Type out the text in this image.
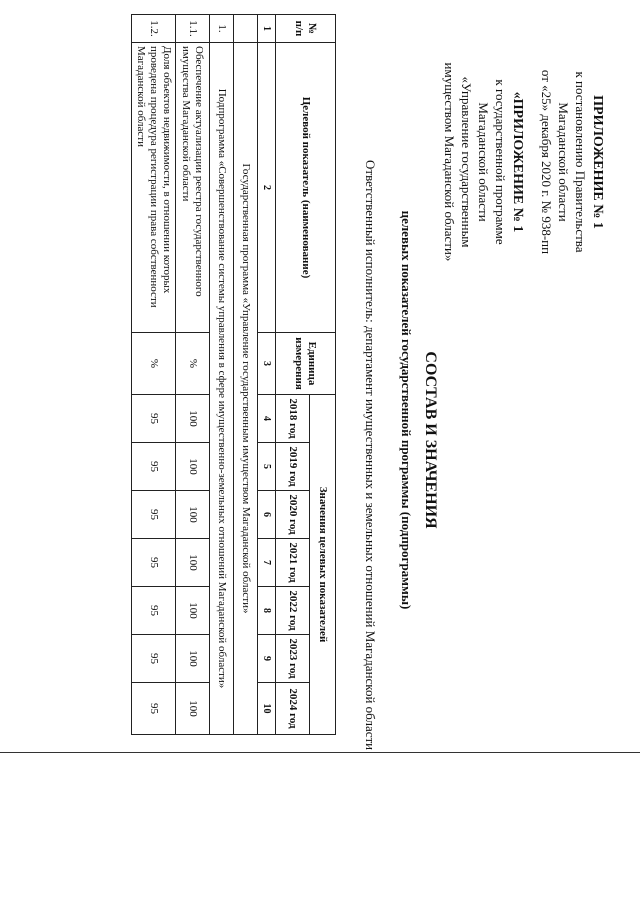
ПРИЛОЖЕНИЕ № 1
к постановлению Правительства
Магаданской области
от «25» декабря 2020 г. № 938-пп
«ПРИЛОЖЕНИЕ № 1
к государственной программе
Магаданской области
«Управление государственным
имуществом Магаданской области»
СОСТАВ И ЗНАЧЕНИЯ
целевых показателей государственной программы (подпрограммы)
Ответственный исполнитель: департамент имущественных и земельных отношений Магаданской области
№ п/п	Целевой показатель (наименование)	Единица измерения	Значения целевых показателей						
			2018 год	2019 год	2020 год	2021 год	2022 год	2023 год	2024 год
1	2	3	4	5	6	7	8	9	10
	Государственная программа «Управление государственным имуществом Магаданской области»								
1.	Подпрограмма «Совершенствование системы управления в сфере имущественно-земельных отношений Магаданской области»								
1.1.	Обеспечение актуализации реестра государственного имущества Магаданской области	%	100	100	100	100	100	100	100
1.2.	Доля объектов недвижимости, в отношении которых проведена процедура регистрации права собственности Магаданской области	%	95	95	95	95	95	95	95
